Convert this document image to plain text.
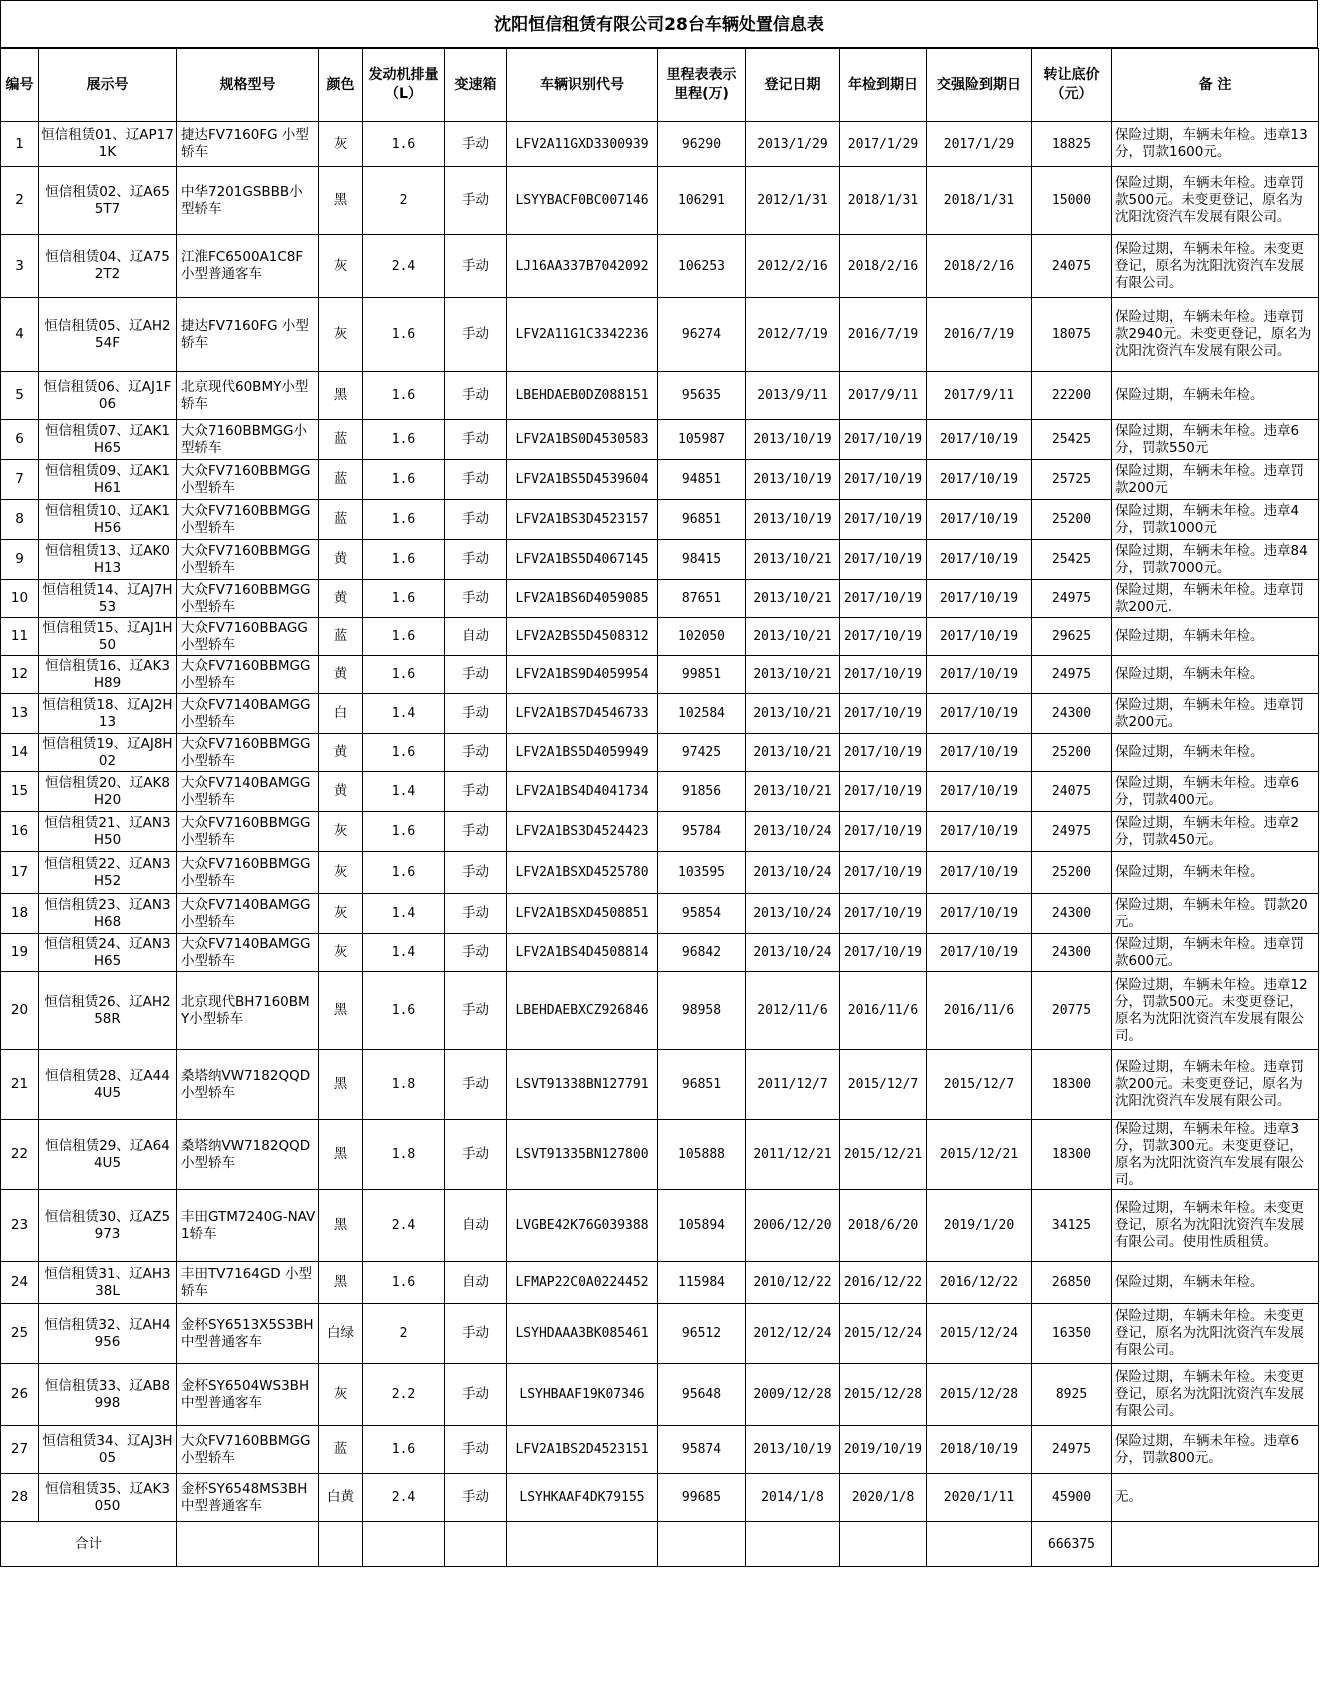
沈阳恒信租赁有限公司28台车辆处置信息表
编号	展示号	规格型号	颜色	发动机排量（L）	变速箱	车辆识别代号	里程表表示里程(万)	登记日期	年检到期日	交强险到期日	转让底价（元）	备 注
1	恒信租赁01、辽AP171K	捷达FV7160FG 小型轿车	灰	1.6	手动	LFV2A11GXD3300939	96290	2013/1/29	2017/1/29	2017/1/29	18825	保险过期，车辆未年检。违章13分，罚款1600元。
2	恒信租赁02、辽A655T7	中华7201GSBBB小型轿车	黑	2	手动	LSYYBACF0BC007146	106291	2012/1/31	2018/1/31	2018/1/31	15000	保险过期，车辆未年检。违章罚款500元。未变更登记，原名为沈阳沈资汽车发展有限公司。
3	恒信租赁04、辽A752T2	江淮FC6500A1C8F小型普通客车	灰	2.4	手动	LJ16AA337B7042092	106253	2012/2/16	2018/2/16	2018/2/16	24075	保险过期，车辆未年检。未变更登记，原名为沈阳沈资汽车发展有限公司。
4	恒信租赁05、辽AH254F	捷达FV7160FG 小型轿车	灰	1.6	手动	LFV2A11G1C3342236	96274	2012/7/19	2016/7/19	2016/7/19	18075	保险过期，车辆未年检。违章罚款2940元。未变更登记，原名为沈阳沈资汽车发展有限公司。
5	恒信租赁06、辽AJ1F06	北京现代60BMY小型轿车	黑	1.6	手动	LBEHDAEB0DZ088151	95635	2013/9/11	2017/9/11	2017/9/11	22200	保险过期，车辆未年检。
6	恒信租赁07、辽AK1H65	大众7160BBMGG小型轿车	蓝	1.6	手动	LFV2A1BS0D4530583	105987	2013/10/19	2017/10/19	2017/10/19	25425	保险过期，车辆未年检。违章6分，罚款550元
7	恒信租赁09、辽AK1H61	大众FV7160BBMGG小型轿车	蓝	1.6	手动	LFV2A1BS5D4539604	94851	2013/10/19	2017/10/19	2017/10/19	25725	保险过期，车辆未年检。违章罚款200元
8	恒信租赁10、辽AK1H56	大众FV7160BBMGG小型轿车	蓝	1.6	手动	LFV2A1BS3D4523157	96851	2013/10/19	2017/10/19	2017/10/19	25200	保险过期，车辆未年检。违章4分，罚款1000元
9	恒信租赁13、辽AK0H13	大众FV7160BBMGG小型轿车	黄	1.6	手动	LFV2A1BS5D4067145	98415	2013/10/21	2017/10/19	2017/10/19	25425	保险过期，车辆未年检。违章84分，罚款7000元。
10	恒信租赁14、辽AJ7H53	大众FV7160BBMGG小型轿车	黄	1.6	手动	LFV2A1BS6D4059085	87651	2013/10/21	2017/10/19	2017/10/19	24975	保险过期，车辆未年检。违章罚款200元.
11	恒信租赁15、辽AJ1H50	大众FV7160BBAGG小型轿车	蓝	1.6	自动	LFV2A2BS5D4508312	102050	2013/10/21	2017/10/19	2017/10/19	29625	保险过期，车辆未年检。
12	恒信租赁16、辽AK3H89	大众FV7160BBMGG小型轿车	黄	1.6	手动	LFV2A1BS9D4059954	99851	2013/10/21	2017/10/19	2017/10/19	24975	保险过期，车辆未年检。
13	恒信租赁18、辽AJ2H13	大众FV7140BAMGG小型轿车	白	1.4	手动	LFV2A1BS7D4546733	102584	2013/10/21	2017/10/19	2017/10/19	24300	保险过期，车辆未年检。违章罚款200元。
14	恒信租赁19、辽AJ8H02	大众FV7160BBMGG小型轿车	黄	1.6	手动	LFV2A1BS5D4059949	97425	2013/10/21	2017/10/19	2017/10/19	25200	保险过期，车辆未年检。
15	恒信租赁20、辽AK8H20	大众FV7140BAMGG小型轿车	黄	1.4	手动	LFV2A1BS4D4041734	91856	2013/10/21	2017/10/19	2017/10/19	24075	保险过期，车辆未年检。违章6分，罚款400元。
16	恒信租赁21、辽AN3H50	大众FV7160BBMGG小型轿车	灰	1.6	手动	LFV2A1BS3D4524423	95784	2013/10/24	2017/10/19	2017/10/19	24975	保险过期，车辆未年检。违章2分，罚款450元。
17	恒信租赁22、辽AN3H52	大众FV7160BBMGG小型轿车	灰	1.6	手动	LFV2A1BSXD4525780	103595	2013/10/24	2017/10/19	2017/10/19	25200	保险过期，车辆未年检。
18	恒信租赁23、辽AN3H68	大众FV7140BAMGG小型轿车	灰	1.4	手动	LFV2A1BSXD4508851	95854	2013/10/24	2017/10/19	2017/10/19	24300	保险过期，车辆未年检。罚款20元。
19	恒信租赁24、辽AN3H65	大众FV7140BAMGG小型轿车	灰	1.4	手动	LFV2A1BS4D4508814	96842	2013/10/24	2017/10/19	2017/10/19	24300	保险过期，车辆未年检。违章罚款600元。
20	恒信租赁26、辽AH258R	北京现代BH7160BMY小型轿车	黑	1.6	手动	LBEHDAEBXCZ926846	98958	2012/11/6	2016/11/6	2016/11/6	20775	保险过期，车辆未年检。违章12分，罚款500元。未变更登记，原名为沈阳沈资汽车发展有限公司。
21	恒信租赁28、辽A444U5	桑塔纳VW7182QQD小型轿车	黑	1.8	手动	LSVT91338BN127791	96851	2011/12/7	2015/12/7	2015/12/7	18300	保险过期，车辆未年检。违章罚款200元。未变更登记，原名为沈阳沈资汽车发展有限公司。
22	恒信租赁29、辽A644U5	桑塔纳VW7182QQD小型轿车	黑	1.8	手动	LSVT91335BN127800	105888	2011/12/21	2015/12/21	2015/12/21	18300	保险过期，车辆未年检。违章3分，罚款300元。未变更登记，原名为沈阳沈资汽车发展有限公司。
23	恒信租赁30、辽AZ5973	丰田GTM7240G-NAV1轿车	黑	2.4	自动	LVGBE42K76G039388	105894	2006/12/20	2018/6/20	2019/1/20	34125	保险过期，车辆未年检。未变更登记，原名为沈阳沈资汽车发展有限公司。使用性质租赁。
24	恒信租赁31、辽AH338L	丰田TV7164GD 小型轿车	黑	1.6	自动	LFMAP22C0A0224452	115984	2010/12/22	2016/12/22	2016/12/22	26850	保险过期，车辆未年检。
25	恒信租赁32、辽AH4956	金杯SY6513X5S3BH中型普通客车	白绿	2	手动	LSYHDAAA3BK085461	96512	2012/12/24	2015/12/24	2015/12/24	16350	保险过期，车辆未年检。未变更登记，原名为沈阳沈资汽车发展有限公司。
26	恒信租赁33、辽AB8998	金杯SY6504WS3BH中型普通客车	灰	2.2	手动	LSYHBAAF19K07346	95648	2009/12/28	2015/12/28	2015/12/28	8925	保险过期，车辆未年检。未变更登记，原名为沈阳沈资汽车发展有限公司。
27	恒信租赁34、辽AJ3H05	大众FV7160BBMGG小型轿车	蓝	1.6	手动	LFV2A1BS2D4523151	95874	2013/10/19	2019/10/19	2018/10/19	24975	保险过期，车辆未年检。违章6分，罚款800元。
28	恒信租赁35、辽AK3050	金杯SY6548MS3BH中型普通客车	白黄	2.4	手动	LSYHKAAF4DK79155	99685	2014/1/8	2020/1/8	2020/1/11	45900	无。
合计											666375	
